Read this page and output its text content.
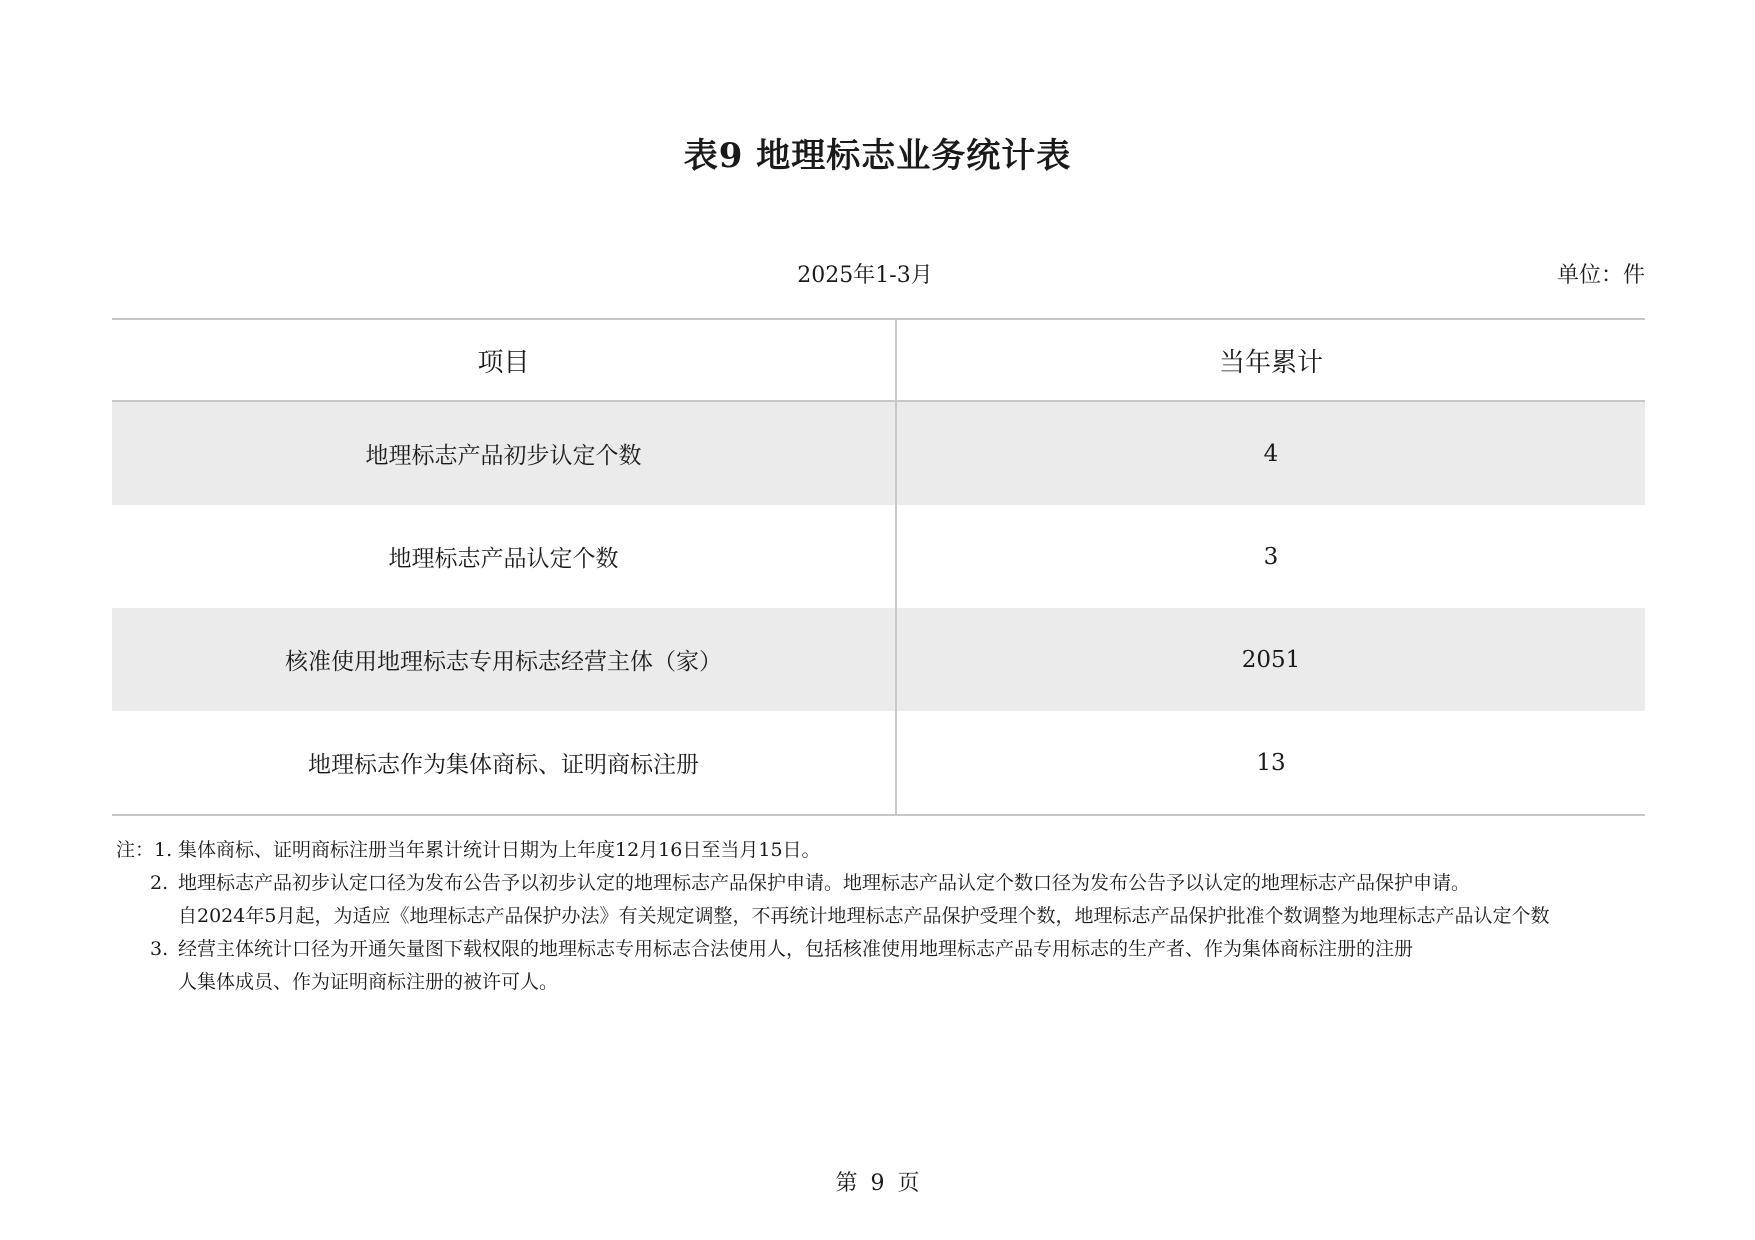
表9 地理标志业务统计表
2025年1-3月	单位：件
项目	当年累计
地理标志产品初步认定个数	4
地理标志产品认定个数	3
核准使用地理标志专用标志经营主体（家）	2051
地理标志作为集体商标、证明商标注册	13
注：1. 集体商标、证明商标注册当年累计统计日期为上年度12月16日至当月15日。
2. 地理标志产品初步认定口径为发布公告予以初步认定的地理标志产品保护申请。地理标志产品认定个数口径为发布公告予以认定的地理标志产品保护申请。
自2024年5月起，为适应《地理标志产品保护办法》有关规定调整，不再统计地理标志产品保护受理个数，地理标志产品保护批准个数调整为地理标志产品认定个数
3. 经营主体统计口径为开通矢量图下载权限的地理标志专用标志合法使用人，包括核准使用地理标志产品专用标志的生产者、作为集体商标注册的注册
人集体成员、作为证明商标注册的被许可人。
第 9 页
